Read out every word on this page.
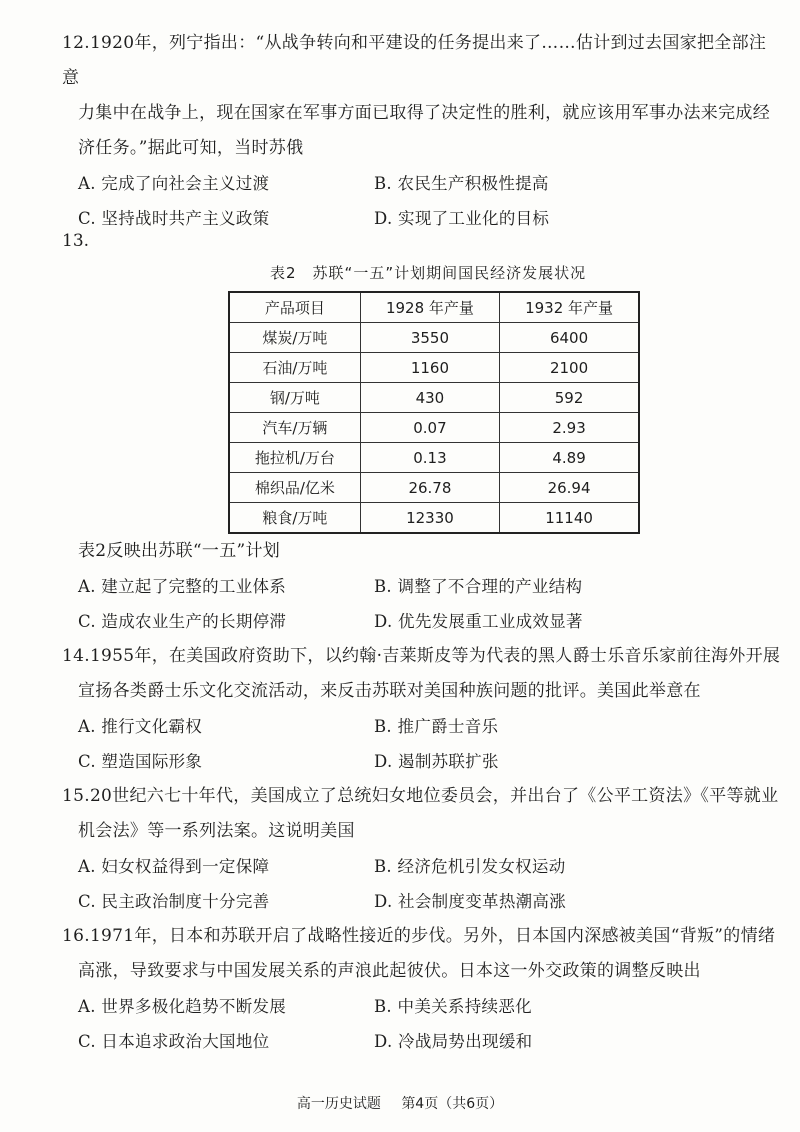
12.1920年，列宁指出：“从战争转向和平建设的任务提出来了……估计到过去国家把全部注意
力集中在战争上，现在国家在军事方面已取得了决定性的胜利，就应该用军事办法来完成经济任务。”据此可知，当时苏俄

A. 完成了向社会主义过渡	B. 农民生产积极性提高
C. 坚持战时共产主义政策	D. 实现了工业化的目标
13.
表2　苏联“一五”计划期间国民经济发展状况
产品项目	1928 年产量	1932 年产量
煤炭/万吨	3550	6400
石油/万吨	1160	2100
钢/万吨	430	592
汽车/万辆	0.07	2.93
拖拉机/万台	0.13	4.89
棉织品/亿米	26.78	26.94
粮食/万吨	12330	11140

表2反映出苏联“一五”计划

A. 建立起了完整的工业体系	B. 调整了不合理的产业结构
C. 造成农业生产的长期停滞	D. 优先发展重工业成效显著

14.1955年，在美国政府资助下，以约翰·吉莱斯皮等为代表的黑人爵士乐音乐家前往海外开展
宣扬各类爵士乐文化交流活动，来反击苏联对美国种族问题的批评。美国此举意在

A. 推行文化霸权	B. 推广爵士音乐
C. 塑造国际形象	D. 遏制苏联扩张

15.20世纪六七十年代，美国成立了总统妇女地位委员会，并出台了《公平工资法》《平等就业
机会法》等一系列法案。这说明美国

A. 妇女权益得到一定保障	B. 经济危机引发女权运动
C. 民主政治制度十分完善	D. 社会制度变革热潮高涨

16.1971年，日本和苏联开启了战略性接近的步伐。另外，日本国内深感被美国“背叛”的情绪
高涨，导致要求与中国发展关系的声浪此起彼伏。日本这一外交政策的调整反映出

A. 世界多极化趋势不断发展	B. 中美关系持续恶化
C. 日本追求政治大国地位	D. 冷战局势出现缓和
高一历史试题 第4页（共6页）
